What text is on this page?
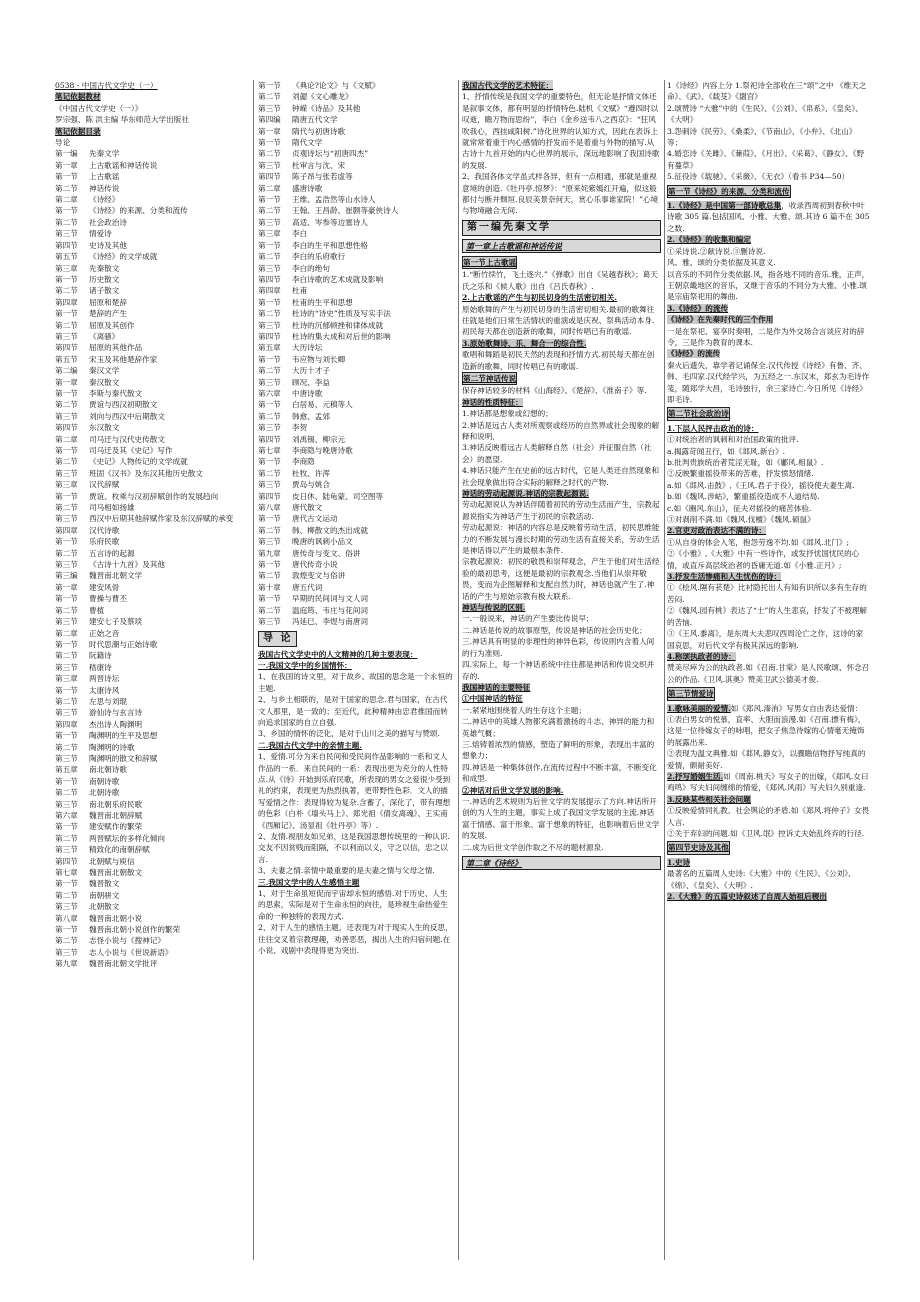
0538 - 中国古代文学史（一）
笔记依据教材
《中国古代文学史（一）》
罗宗强、陈 洪主编 华东师范大学出版社
笔记依据目录
导论
第一编	先秦文学
第一章	上古歌谣和神话传说
第一节	上古歌谣
第二节	神话传说
第二章	《诗经》
第一节	《诗经》的来源、分类和流传
第二节	社会政治诗
第三节	情爱诗
第四节	史诗及其他
第五节	《诗经》的文学成就
第三章	先秦散文
第一节	历史散文
第二节	诸子散文
第四章	屈原和楚辞
第一节	楚辞的产生
第二节	屈原及其创作
第三节	《离骚》
第四节	屈原的其他作品
第五节	宋玉及其他楚辞作家
第二编	秦汉文学
第一章	秦汉散文
第一节	李斯与秦代散文
第二节	贾谊与西汉初期散文
第三节	刘向与西汉中后期散文
第四节	东汉散文
第二章	司马迁与汉代史传散文
第一节	司马迁及其《史记》写作
第二节	《史记》人物传记的文学成就
第三节	班固《汉书》及东汉其他历史散文
第三章	汉代辞赋
第一节	贾谊、枚乘与汉初辞赋创作的发展趋向
第二节	司马相如扬雄
第三节	西汉中后期其他辞赋作家及东汉辞赋的承变
第四章	汉代诗歌
第一节	乐府民歌
第二节	五言诗的起源
第三节	《古诗十九首》及其他
第三编	魏晋南北朝文学
第一章	建安风骨
第一节	曹操与曹丕
第二节	曹植
第三节	建安七子及蔡琰
第二章	正始之音
第一节	时代思潮与正始诗歌
第二节	阮籍诗
第三节	嵇康诗
第三章	两晋诗坛
第一节	太康诗风
第二节	左思与刘琨
第三节	游仙诗与玄言诗
第四章	杰出诗人陶渊明
第一节	陶渊明的生平及思想
第二节	陶渊明的诗歌
第三节	陶渊明的散文和辞赋
第五章	南北朝诗歌
第一节	南朝诗歌
第二节	北朝诗歌
第三节	南北朝乐府民歌
第六章	魏晋南北朝辞赋
第一节	建安赋作的繁荣
第二节	两晋赋坛的多样化倾向
第三节	精致化的南朝辞赋
第四节	北朝赋与庾信
第七章	魏晋南北朝散文
第一节	魏晋散文
第二节	南朝骈文
第三节	北朝散文
第八章	魏晋南北朝小说
第一节	魏晋南北朝小说创作的繁荣
第二节	志怪小说与《搜神记》
第三节	志人小说与《世说新语》
第九章	魏晋南北朝文学批评
第一节	《典论?论文》与《文赋》
第二节	刘勰《文心雕龙》
第三节	钟嵘《诗品》及其他
第四编	隋唐五代文学
第一章	隋代与初唐诗歌
第一节	隋代文学
第二节	贞观诗坛与“初唐四杰”
第三节	杜审言与沈、宋
第四节	陈子昂与张若虚等
第二章	盛唐诗歌
第一节	王维、孟浩然等山水诗人
第二节	王翰、王昌龄、崔颢等豪侠诗人
第三节	高适、岑参等边塞诗人
第三章	李白
第一节	李白的生平和思想性格
第二节	李白的乐府歌行
第三节	李白的绝句
第四节	李白诗歌的艺术成就及影响
第四章	杜甫
第一节	杜甫的生平和思想
第二节	杜诗的“诗史”性质及写实手法
第三节	杜诗的沉郁顿挫和律体成就
第四节	杜诗的集大成和对后世的影响
第五章	大历诗坛
第一节	韦应物与刘长卿
第二节	大历十才子
第三节	顾况、李益
第六章	中唐诗歌
第一节	白居易、元稹等人
第二节	韩愈、孟郊
第三节	李贺
第四节	刘禹锡、柳宗元
第七章	李商隐与晚唐诗歌
第一节	李商隐
第二节	杜牧、许浑
第三节	贾岛与姚合
第四节	皮日休、陆龟蒙、司空图等
第八章	唐代散文
第一节	唐代古文运动
第二节	韩、柳散文的杰出成就
第三节	晚唐的讽刺小品文
第九章	唐传奇与变文、俗讲
第一节	唐代传奇小说
第二节	敦煌变文与俗讲
第十章	唐五代词
第一节	早期的民间词与文人词
第二节	温庭筠、韦庄与花间词
第三节	冯延巳、李煜与南唐词
导 论
我国古代文学史中的人文精神的几种主要表现：
一.我国文学中的乡国情怀：
1、在我国的诗文里，对于故乡、故国的思念是一个永恒的主题.
2、与乡土相联的，是对于国家的思念.君与国家，在古代文人那里，是一致的；至近代，此种精神由忠君推国而转向追求国家的自立自强.
3、乡国的情怀的泛化，是对于山川之美的描写与赞颂.
二.我国古代文学中的亲情主题.
1、爱情.可分为来自民间和受民间作品影响的一系和文人作品的一系．来自民间的一系：表现出更为充分的人性特点.从《诗》开始到乐府民歌，所表现的男女之爱很少受到礼的约束，表现更为热烈执著，更带野性色彩．文人的描写爱情之作：表现得较为复杂.含蓄了，深化了，带有理想的色彩（白朴《墙头马上》、郑光祖《倩女离魂》、王实甫《西厢记》、汤显祖《牡丹亭》等）.
2、友情.视朋友如兄弟，这是我国思想传统里的一种认识.交友不因贫贱而阻隔，不以利而以义，守之以信，忠之以言.
3、夫妻之情.亲情中最重要的是夫妻之情与父母之情.
三.我国文学中的人生感悟主题
1、对于生命虽短促而宇宙却永恒的感悟.对于历史、人生的思索，实际是对于生命永恒的向往，是珍视生命热爱生命的一种独特的表现方式.
2、对于人生的感悟主题，还表现为对于现实人生的反思，往往交叉着宗教理趣，劝善恶恶，揭出人生的归宿问题.在小说、戏剧中表现得更为突出.
我国古代文学的艺术特征：
1、抒情传统是我国文学的重要特色，但无论是抒情文体还是叙事文体，都有明显的抒情特色.陆机《文赋》“遵四时以叹逝，瞻万物而思纷”，李白《金乡送韦八之西京》：“狂风吹我心，西挂咸阳树.”诗化世界的认知方式，因此在表诉上就常常着重于内心感情的抒发而不是着重与外物的描写.从古诗十九首开始的内心世界的展示，深远地影响了我国诗歌的发展.
2、我国各体文学虽式样各异，但有一点相通，那就是重视意境的创造.《牡丹亭.惊梦》：“原来姹紫嫣红开遍，似这般都付与断井颓垣.良辰美景奈何天，赏心乐事谁家院！”心境与物境融合无间.
第一编先秦文学
第一章上古歌谣和神话传说
第一节上古歌谣
1.“断竹续竹，飞土逐宍.”《弹歌》出自《吴越春秋》；葛天氏之乐和《候人歌》出自《吕氏春秋》.
2.上古歌谣的产生与初民切身的生活密切相关.
原始歌舞的产生与初民切身的生活密切相关.最初的歌舞往往就是他们日常生活情状的重演或是庆祝、祭典活动本身.初民每天都在创造新的歌舞，同时传唱已有的歌谣.
3.原始歌舞诗、乐、舞合一的综合性.
歌唱和舞蹈是初民天然的表现和抒情方式.初民每天都在创造新的歌舞，同时传唱已有的歌谣.
第二节神话传说
保存神话较多的材料《山海经》、《楚辞》、《淮南子》等.
神话的性质特征：
1.神话都是想象或幻想的；
2.神话是远古人类对所观察或经历的自然界或社会现象的解释和说明．
3.神话反映着远古人类解释自然（社会）并征服自然（社会）的愿望.
4.神话只能产生在史前的远古时代，它是人类还自然现象和社会现象做出符合实际的解释之时代的产物.
神话的劳动起源说.神话的宗教起源说.
劳动起源说认为神话伴随着初民的劳动生活而产生，宗教起源说指实为神话产生于初民的宗教活动.
劳动起源说：神话的内容总是反映着劳动生活，初民思维能力的不断发展与漫长时期的劳动生活有直接关系，劳动生活是神话得以产生的最根本条件.
宗教起源说：初民的敬畏和崇拜观念，产生于他们对生活经验的最初思考，这便是最初的宗教观念.当他们从崇拜敬畏，变而为企图解释和支配自然力时，神话也就产生了.神话的产生与原始宗教有极大联系.
神话与传说的区别.
一.一般说来，神话的产生要比传说早；
二.神话是传说的故事原型，传说是神话的社会历史化；
三.神话具有明显的非理性的神异色彩，传说则内含着人间的行为准则.
四.实际上，每一个神话系统中往往都是神话和传说交织并存的.
我国神话的主要特征
①中国神话的特征
一.紧紧地围绕着人的生存这个主题；
二.神话中的英雄人物都充满着激扬的斗志、神异的能力和英雄气概；
三.熔铸着浓烈的情感，塑造了鲜明的形象，表现出丰富的想象力；
四.神话是一种集体创作,在流传过程中不断丰富，不断变化和成型.
②神话对后世文学发展的影响.
一.神话的艺术规则为后世文学的发展提示了方向.神话所开创的为人生的主题，事实上成了我国文学发展的主流.神话富于情感、富于形象、富于想象的特征，也影响着后世文学的发展.
二.成为后世文学创作取之不尽的题材源泉.
第二章《诗经》
1《诗经》内容上分 1.祭祀诗全部收在三“颂”之中 《维天之命》、《武》、《载芟》《閟宫》
2.颂赞诗 “大雅”中的《生民》、《公刘》、《帛系》、《皇矣》、《大明》
3.怨刺诗《民劳》、《桑柔》、《节南山》、《小弁》、《北山》等；
4.婚恋诗《关雎》、《蒹葭》、《月出》、《采葛》、《静女》、《野有蔓草》
5.征役诗《载驰》、《采薇》、《无衣》（看书 P34—50）
第一节《诗经》的来源、分类和流传
1.《诗经》是中国第一部诗歌总集，收录西周初到春秋中叶诗歌 305 篇.包括国风、小雅、大雅、颂.其诗 6 篇不在 305 之数.
2.《诗经》的收集和编定
①采诗说.②献诗说.③删诗说.
风、雅、颂的分类依据及其意义.
以音乐的不同作分类依据.风，指各地不同的音乐.雅，正声，王朝京畿地区的音乐，又继于音乐的不同分为大雅、小雅.颂是宗庙祭祀用的舞曲.
3.《诗经》的流传
《诗经》在先秦时代的三个作用
一是在祭祀、宴享时奏唱，二是作为外交场合言谈应对的辞令，三是作为教育的课本.
《诗经》的流传
秦火后遗失，靠学者记诵保全.汉代传授《诗经》有鲁、齐、韩、毛四家.汉代经学兴，为五经之一.东汉末，郑玄为毛诗作笺，随郑学大昌，毛诗独行，余三家诗亡.今日所见《诗经》即毛诗.
第二节社会政治诗
1.下层人民抨击政治的诗：
①对统治者的讽刺和对治国政策的批评.
a.揭露苛闻丑行，如《邶风.新台》.
b.批判贵族统治者荒淫无耻，如《鄘风.相鼠》.
②反映繁重摇役带来的苦难，抒发愤怒情绪.
a.如《邶风.击鼓》,《王风.君子于役》，摇役使夫妻生离.
b.如《魏风.涉岵》，繁重摇役造成不人道结局.
c.如《豳风.东山》，征夫对摇役的痛苦体验.
③对剥削不满.如《魏风.伐檀》《魏风.硕鼠》
2.官吏对政治表达不满的诗：
①从自身的体会入笔，抱怨劳逸不均.如《邶风.北门》;
②《小雅》,《大雅》中有一些诗作，或发抒忧国忧民的心情，或直斥高层统治者的昏庸无道.如《小雅.正月》;
3.抒发生活惨痛和人生忧伤的诗：
①《桧风.隰有苌楚》比衬隐托出人有知有识所以多有生存的苦闷.
②《魏风.园有桃》表达了“士”的人生悲哀，抒发了不被理解的苦恼.
③《王风.黍离》，是东周大夫悲叹西周沦亡之作，这诗的家国哀思，对后代文学有极其深远的影响.
4.称颂执政者的诗：
赞美尽瘁为公的执政者.如《召南.甘棠》是人民歌颂、怀念召公的作品.《卫风.淇奥》赞美卫武公德美才俊.
第三节情爱诗
1.歌咏美丽的爱情.如《郑风.溱洧》写男女自由表达爱情：
①表白男女的悦慕，直率、大胆而浪漫.如《召南.摽有梅》，这是一位待嫁女子的咏唱，把女子焦急待嫁的心情毫无掩饰的展露出来.
②表现为温文典雅.如《邶风.静女》，以骤瞻信物抒写纯真的爱情，颇耐美好.
2.抒写婚姻生活.如《周南.桃夭》写女子的出嫁，《郑风.女曰鸡鸣》写夫妇间缠绵的情爱，《郑风.风雨》写夫妇久别重逢.
3.反映某些相关社会问题
①反映爱情同礼教、社会舆论的矛盾.如《郑风.将仲子》女畏人言.
②关于弃妇的问题.如《卫风.氓》控诉丈夫始乱终弃的行径.
第四节史诗及其他
1.史诗
最著名的五篇周人史诗:《大雅》中的《生民》、《公刘》、《绵》、《皇矣》、《大明》.
2.《大雅》的五篇史诗叙述了自周人始祖后稷出
